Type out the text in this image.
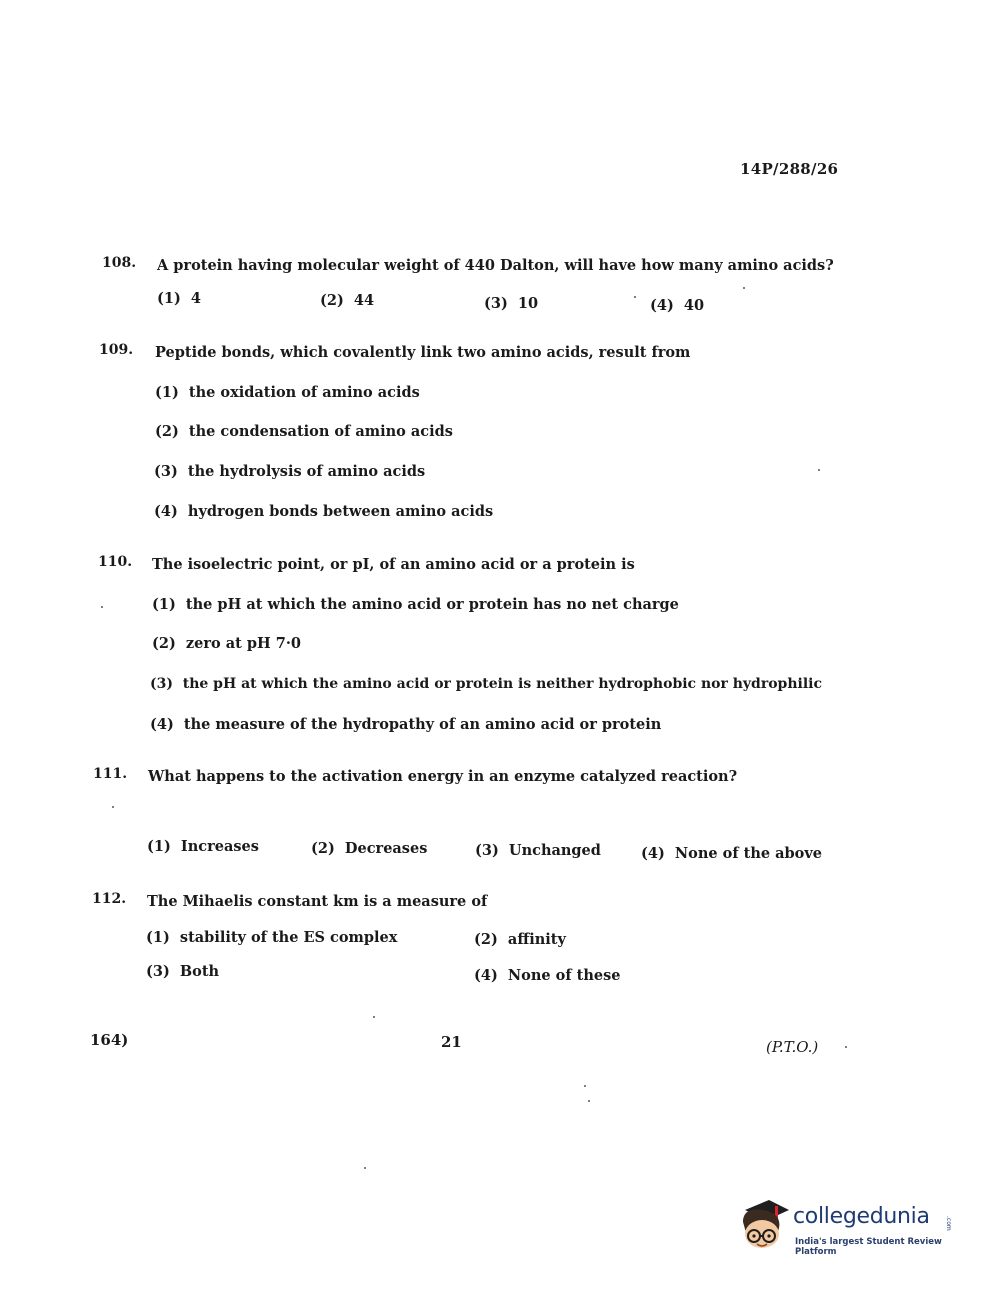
14P/288/26
108. A protein having molecular weight of 440 Dalton, will have how many amino acids?
(1) 4	(2) 44	(3) 10	(4) 40
109. Peptide bonds, which covalently link two amino acids, result from
(1) the oxidation of amino acids
(2) the condensation of amino acids
(3) the hydrolysis of amino acids
(4) hydrogen bonds between amino acids
110. The isoelectric point, or pI, of an amino acid or a protein is
(1) the pH at which the amino acid or protein has no net charge
(2) zero at pH 7·0
(3) the pH at which the amino acid or protein is neither hydrophobic nor hydrophilic
(4) the measure of the hydropathy of an amino acid or protein
111. What happens to the activation energy in an enzyme catalyzed reaction?
(1) Increases	(2) Decreases	(3) Unchanged	(4) None of the above
112. The Mihaelis constant km is a measure of
(1) stability of the ES complex	(2) affinity
(3) Both	(4) None of these
164)	21	(P.T.O.)
collegedunia	.com
India's largest Student Review Platform
